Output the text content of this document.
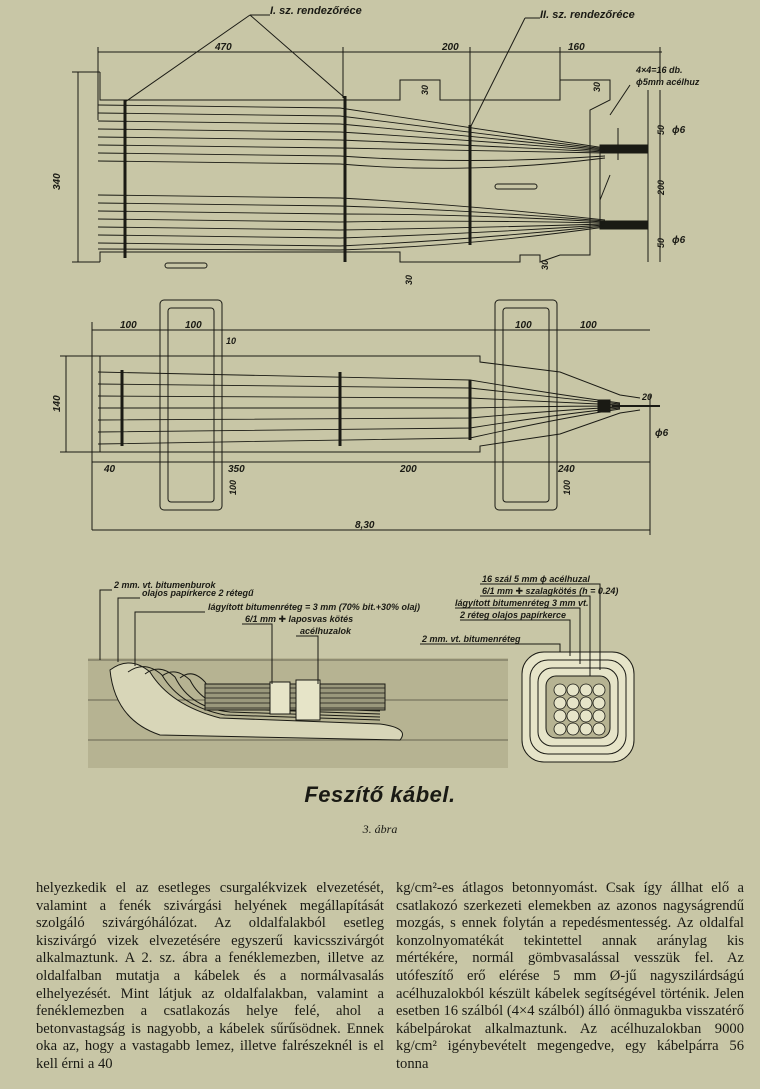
I. sz. rendezőréce	II. sz. rendezőréce
470	200	160
340
30	30
50
200
50
30
30
4×4=16 db.
ϕ5mm acélhuz
ϕ6
ϕ6
100	100	100	100
10
140	20
ϕ6
40	350	200	240
100	100
8,30
2 mm. vt. bitumenburok
olajos papírkerce 2 rétegű
lágyított bitumenréteg = 3 mm (70% bit.+30% olaj)
6/1 mm ✚ laposvas kötés
acélhuzalok
16 szál 5 mm ϕ acélhuzal
6/1 mm ✚ szalagkötés (h = 0.24)
lágyított bitumenréteg 3 mm vt.
2 réteg olajos papírkerce
2 mm. vt. bitumenréteg
Feszítő kábel.
3. ábra

helyezkedik el az esetleges csurgalékvizek elvezetését, valamint a fenék szivárgási helyének megállapítását szolgáló szivárgóhálózat. Az oldalfalakból esetleg kiszivárgó vizek elvezetésére egyszerű kavicsszivárgót alkalmaztunk. A 2. sz. ábra a fenéklemezben, illetve az oldalfalban mutatja a kábelek és a normálvasalás elhelyezését. Mint látjuk az oldalfalakban, valamint a fenéklemezben a csatlakozás helye felé, ahol a betonvastagság is nagyobb, a kábelek sűrűsödnek. Ennek oka az, hogy a vastagabb lemez, illetve falrészeknél is el kell érni a 40

kg/cm²-es átlagos betonnyomást. Csak így állhat elő a csatlakozó szerkezeti elemekben az azonos nagyságrendű mozgás, s ennek folytán a repedésmentesség. Az oldalfal konzolnyomatékát tekintettel annak aránylag kis mértékére, normál gömbvasalással vesszük fel. Az utófeszítő erő elérése 5 mm Ø-jű nagyszilárdságú acélhuzalokból készült kábelek segítségével történik. Jelen esetben 16 szálból (4×4 szálból) álló önmagukba visszatérő kábelpárokat alkalmaztunk. Az acélhuzalokban 9000 kg/cm² igénybevételt megengedve, egy kábelpárra 56 tonna
